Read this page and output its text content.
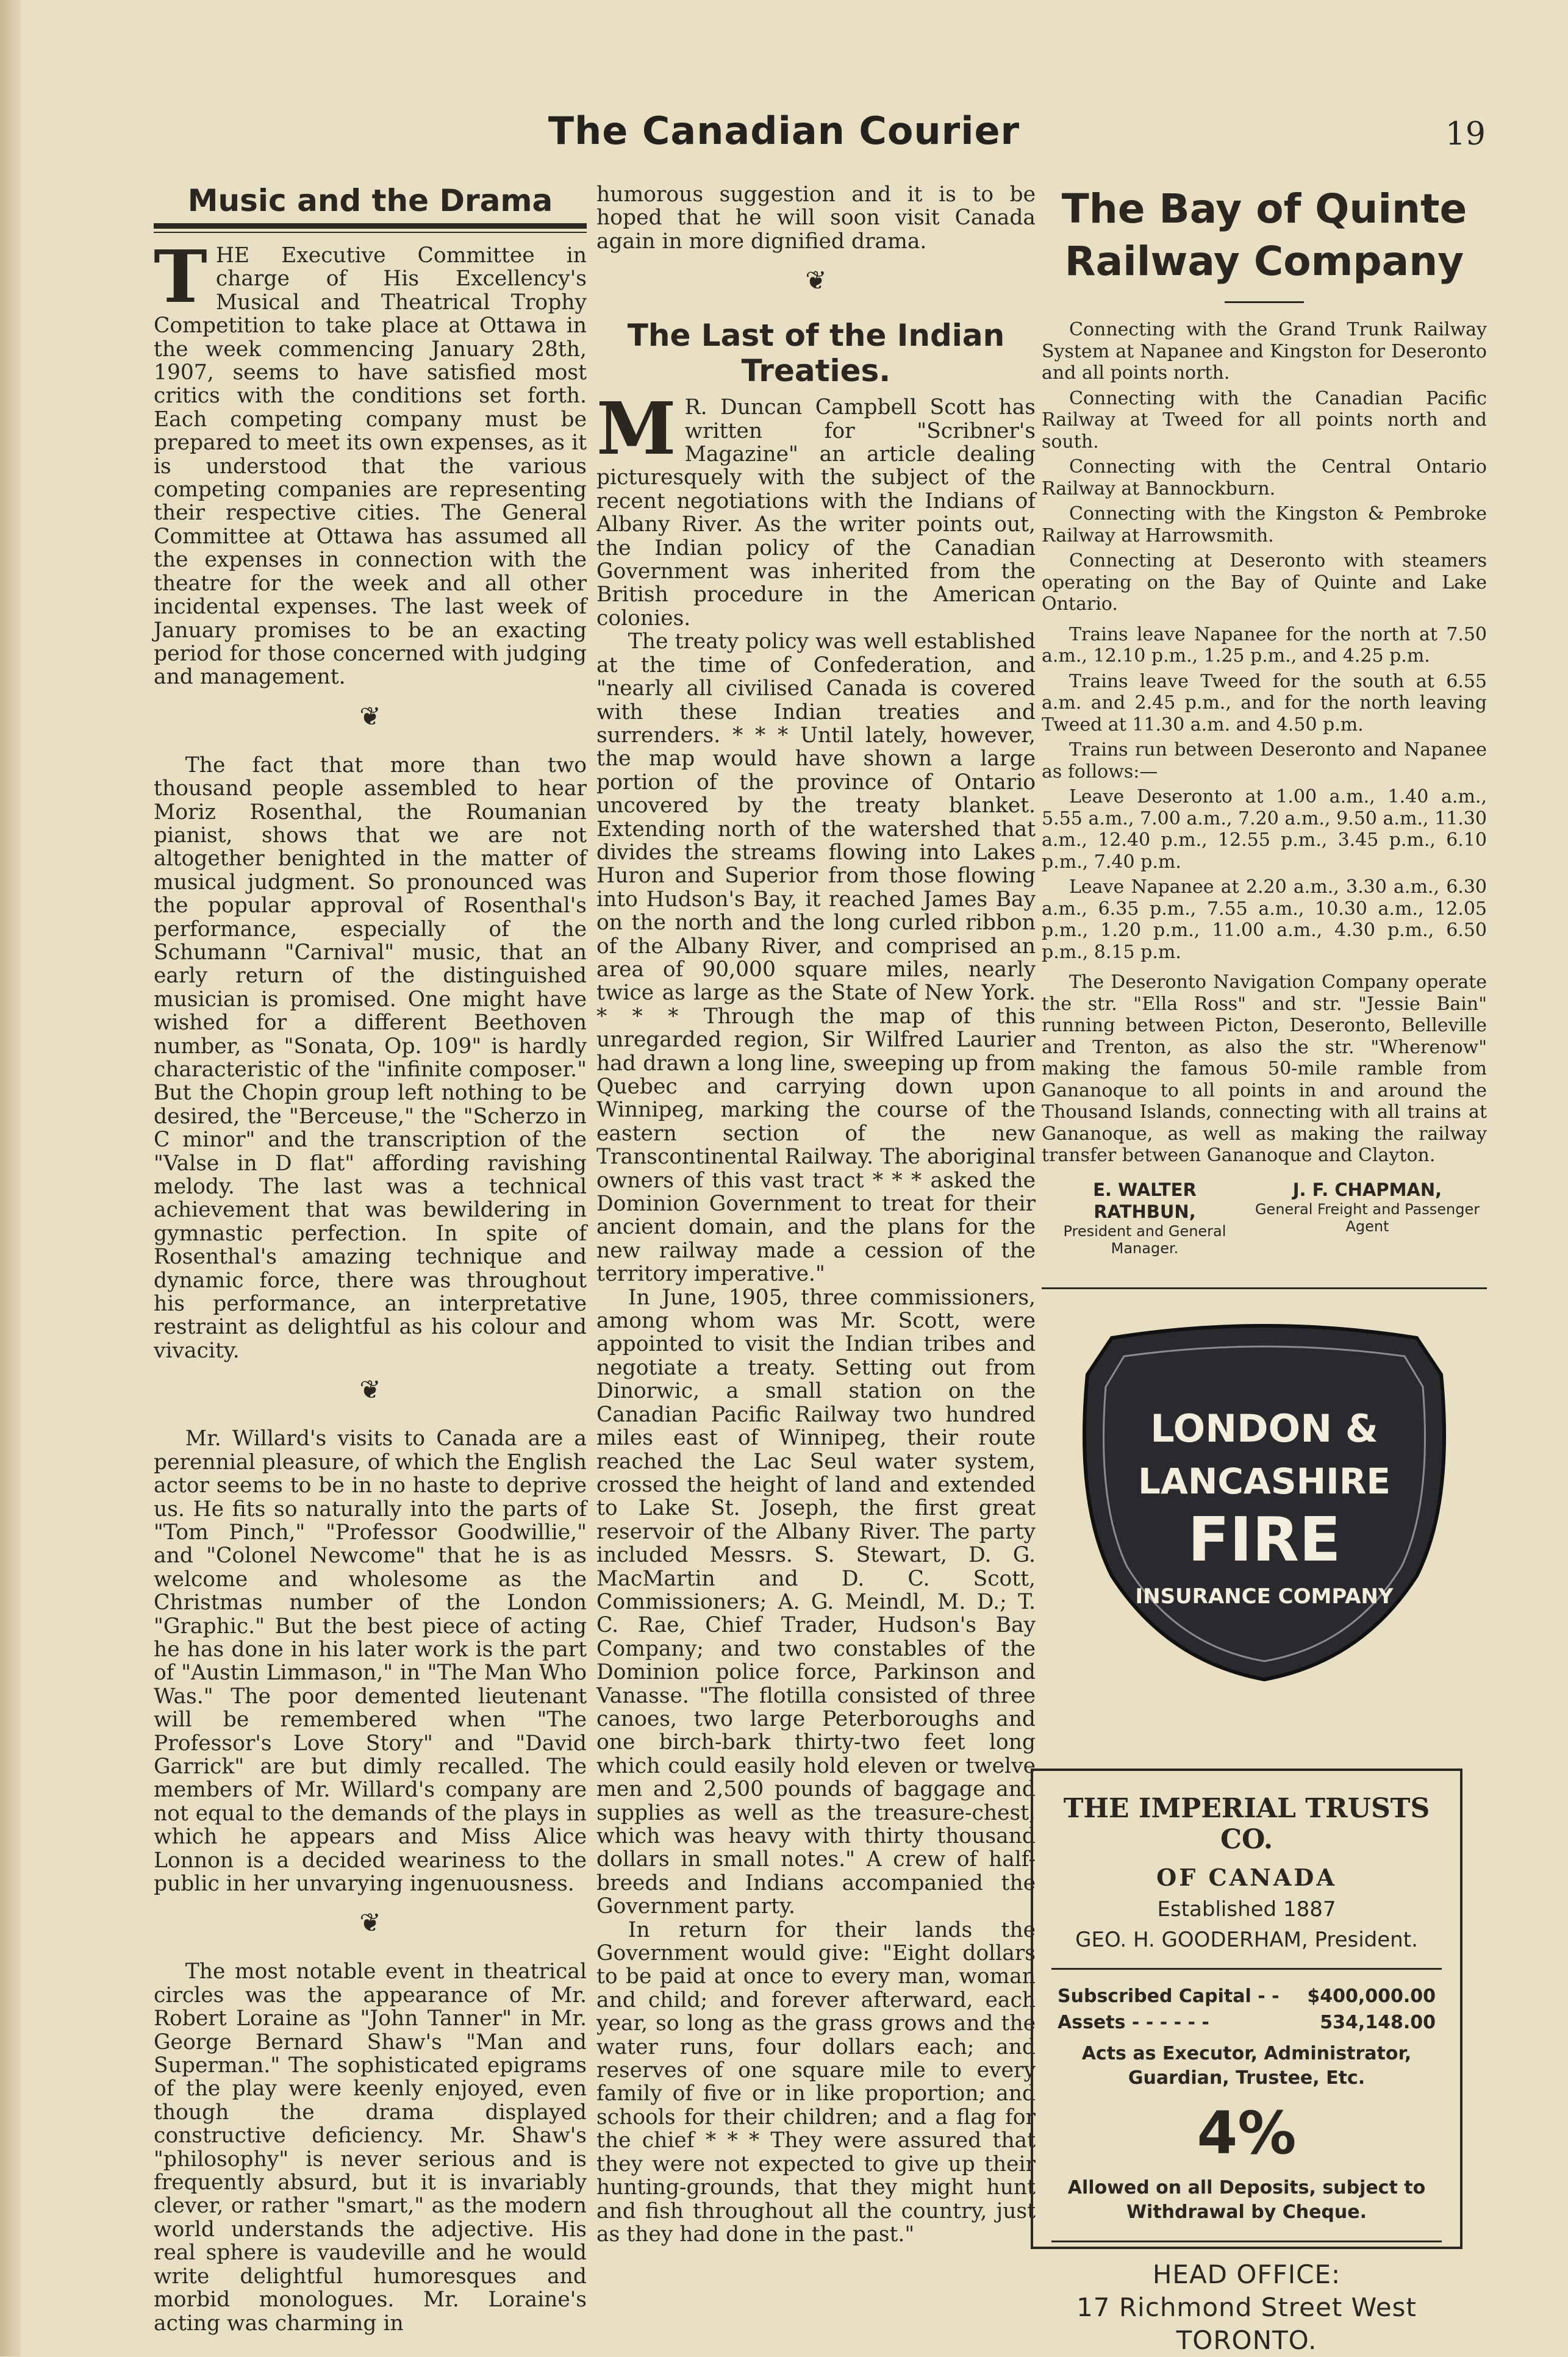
The Canadian Courier	19
Music and the Drama

T HE Executive Committee in charge of His Excellency's Musical and Theatrical Trophy Competition to take place at Ottawa in the week commencing January 28th, 1907, seems to have satisfied most critics with the conditions set forth. Each competing company must be prepared to meet its own expenses, as it is understood that the various competing companies are representing their respective cities. The General Committee at Ottawa has assumed all the expenses in connection with the theatre for the week and all other incidental expenses. The last week of January promises to be an exacting period for those concerned with judging and management.

❦

The fact that more than two thousand people assembled to hear Moriz Rosenthal, the Roumanian pianist, shows that we are not altogether benighted in the matter of musical judgment. So pronounced was the popular approval of Rosenthal's performance, especially of the Schumann "Carnival" music, that an early return of the distinguished musician is promised. One might have wished for a different Beethoven number, as "Sonata, Op. 109" is hardly characteristic of the "infinite composer." But the Chopin group left nothing to be desired, the "Berceuse," the "Scherzo in C minor" and the transcription of the "Valse in D flat" affording ravishing melody. The last was a technical achievement that was bewildering in gymnastic perfection. In spite of Rosenthal's amazing technique and dynamic force, there was throughout his performance, an interpretative restraint as delightful as his colour and vivacity.

❦

Mr. Willard's visits to Canada are a perennial pleasure, of which the English actor seems to be in no haste to deprive us. He fits so naturally into the parts of "Tom Pinch," "Professor Goodwillie," and "Colonel Newcome" that he is as welcome and wholesome as the Christmas number of the London "Graphic." But the best piece of acting he has done in his later work is the part of "Austin Limmason," in "The Man Who Was." The poor demented lieutenant will be remembered when "The Professor's Love Story" and "David Garrick" are but dimly recalled. The members of Mr. Willard's company are not equal to the demands of the plays in which he appears and Miss Alice Lonnon is a decided weariness to the public in her unvarying ingenuousness.

❦

The most notable event in theatrical circles was the appearance of Mr. Robert Loraine as "John Tanner" in Mr. George Bernard Shaw's "Man and Superman." The sophisticated epigrams of the play were keenly enjoyed, even though the drama displayed constructive deficiency. Mr. Shaw's "philosophy" is never serious and is frequently absurd, but it is invariably clever, or rather "smart," as the modern world understands the adjective. His real sphere is vaudeville and he would write delightful humoresques and morbid monologues. Mr. Loraine's acting was charming in

humorous suggestion and it is to be hoped that he will soon visit Canada again in more dignified drama.

❦
The Last of the Indian Treaties.

M R. Duncan Campbell Scott has written for "Scribner's Magazine" an article dealing picturesquely with the subject of the recent negotiations with the Indians of Albany River. As the writer points out, the Indian policy of the Canadian Government was inherited from the British procedure in the American colonies.

The treaty policy was well established at the time of Confederation, and "nearly all civilised Canada is covered with these Indian treaties and surrenders. * * * Until lately, however, the map would have shown a large portion of the province of Ontario uncovered by the treaty blanket. Extending north of the watershed that divides the streams flowing into Lakes Huron and Superior from those flowing into Hudson's Bay, it reached James Bay on the north and the long curled ribbon of the Albany River, and comprised an area of 90,000 square miles, nearly twice as large as the State of New York. * * * Through the map of this unregarded region, Sir Wilfred Laurier had drawn a long line, sweeping up from Quebec and carrying down upon Winnipeg, marking the course of the eastern section of the new Transcontinental Railway. The aboriginal owners of this vast tract * * * asked the Dominion Government to treat for their ancient domain, and the plans for the new railway made a cession of the territory imperative."

In June, 1905, three commissioners, among whom was Mr. Scott, were appointed to visit the Indian tribes and negotiate a treaty. Setting out from Dinorwic, a small station on the Canadian Pacific Railway two hundred miles east of Winnipeg, their route reached the Lac Seul water system, crossed the height of land and extended to Lake St. Joseph, the first great reservoir of the Albany River. The party included Messrs. S. Stewart, D. G. MacMartin and D. C. Scott, Commissioners; A. G. Meindl, M. D.; T. C. Rae, Chief Trader, Hudson's Bay Company; and two constables of the Dominion police force, Parkinson and Vanasse. "The flotilla consisted of three canoes, two large Peterboroughs and one birch-bark thirty-two feet long which could easily hold eleven or twelve men and 2,500 pounds of baggage and supplies as well as the treasure-chest, which was heavy with thirty thousand dollars in small notes." A crew of half-breeds and Indians accompanied the Government party.

In return for their lands the Government would give: "Eight dollars to be paid at once to every man, woman and child; and forever afterward, each year, so long as the grass grows and the water runs, four dollars each; and reserves of one square mile to every family of five or in like proportion; and schools for their children; and a flag for the chief * * * They were assured that they were not expected to give up their hunting-grounds, that they might hunt and fish throughout all the country, just as they had done in the past."

The Bay of Quinte Railway Company

Connecting with the Grand Trunk Railway System at Napanee and Kingston for Deseronto and all points north.

Connecting with the Canadian Pacific Railway at Tweed for all points north and south.

Connecting with the Central Ontario Railway at Bannockburn.

Connecting with the Kingston & Pembroke Railway at Harrowsmith.

Connecting at Deseronto with steamers operating on the Bay of Quinte and Lake Ontario.

Trains leave Napanee for the north at 7.50 a.m., 12.10 p.m., 1.25 p.m., and 4.25 p.m.

Trains leave Tweed for the south at 6.55 a.m. and 2.45 p.m., and for the north leaving Tweed at 11.30 a.m. and 4.50 p.m.

Trains run between Deseronto and Napanee as follows:—

Leave Deseronto at 1.00 a.m., 1.40 a.m., 5.55 a.m., 7.00 a.m., 7.20 a.m., 9.50 a.m., 11.30 a.m., 12.40 p.m., 12.55 p.m., 3.45 p.m., 6.10 p.m., 7.40 p.m.

Leave Napanee at 2.20 a.m., 3.30 a.m., 6.30 a.m., 6.35 p.m., 7.55 a.m., 10.30 a.m., 12.05 p.m., 1.20 p.m., 11.00 a.m., 4.30 p.m., 6.50 p.m., 8.15 p.m.

The Deseronto Navigation Company operate the str. "Ella Ross" and str. "Jessie Bain" running between Picton, Deseronto, Belleville and Trenton, as also the str. "Wherenow" making the famous 50-mile ramble from Gananoque to all points in and around the Thousand Islands, connecting with all trains at Gananoque, as well as making the railway transfer between Gananoque and Clayton.

E. WALTER RATHBUN,
President and General Manager.
J. F. CHAPMAN,
General Freight and Passenger Agent
LONDON &
LANCASHIRE
FIRE
INSURANCE COMPANY
THE IMPERIAL TRUSTS CO.
OF CANADA
Established 1887
GEO. H. GOODERHAM, President.
Subscribed Capital - - $400,000.00
Assets - - - - - -	534,148.00
Acts as Executor, Administrator, Guardian, Trustee, Etc.
4%
Allowed on all Deposits, subject to Withdrawal by Cheque.
HEAD OFFICE:
17 Richmond Street West
TORONTO.
